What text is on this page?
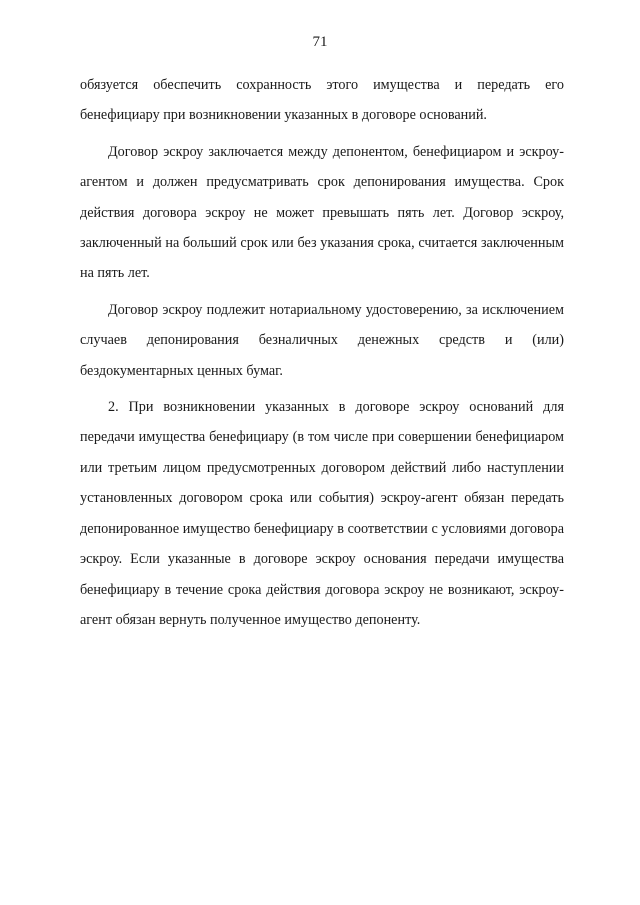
71

обязуется обеспечить сохранность этого имущества и передать его бенефициару при возникновении указанных в договоре оснований.

Договор эскроу заключается между депонентом, бенефициаром и эскроу-агентом и должен предусматривать срок депонирования имущества. Срок действия договора эскроу не может превышать пять лет. Договор эскроу, заключенный на больший срок или без указания срока, считается заключенным на пять лет.

Договор эскроу подлежит нотариальному удостоверению, за исключением случаев депонирования безналичных денежных средств и (или) бездокументарных ценных бумаг.

2. При возникновении указанных в договоре эскроу оснований для передачи имущества бенефициару (в том числе при совершении бенефициаром или третьим лицом предусмотренных договором действий либо наступлении установленных договором срока или события) эскроу-агент обязан передать депонированное имущество бенефициару в соответствии с условиями договора эскроу. Если указанные в договоре эскроу основания передачи имущества бенефициару в течение срока действия договора эскроу не возникают, эскроу-агент обязан вернуть полученное имущество депоненту.
